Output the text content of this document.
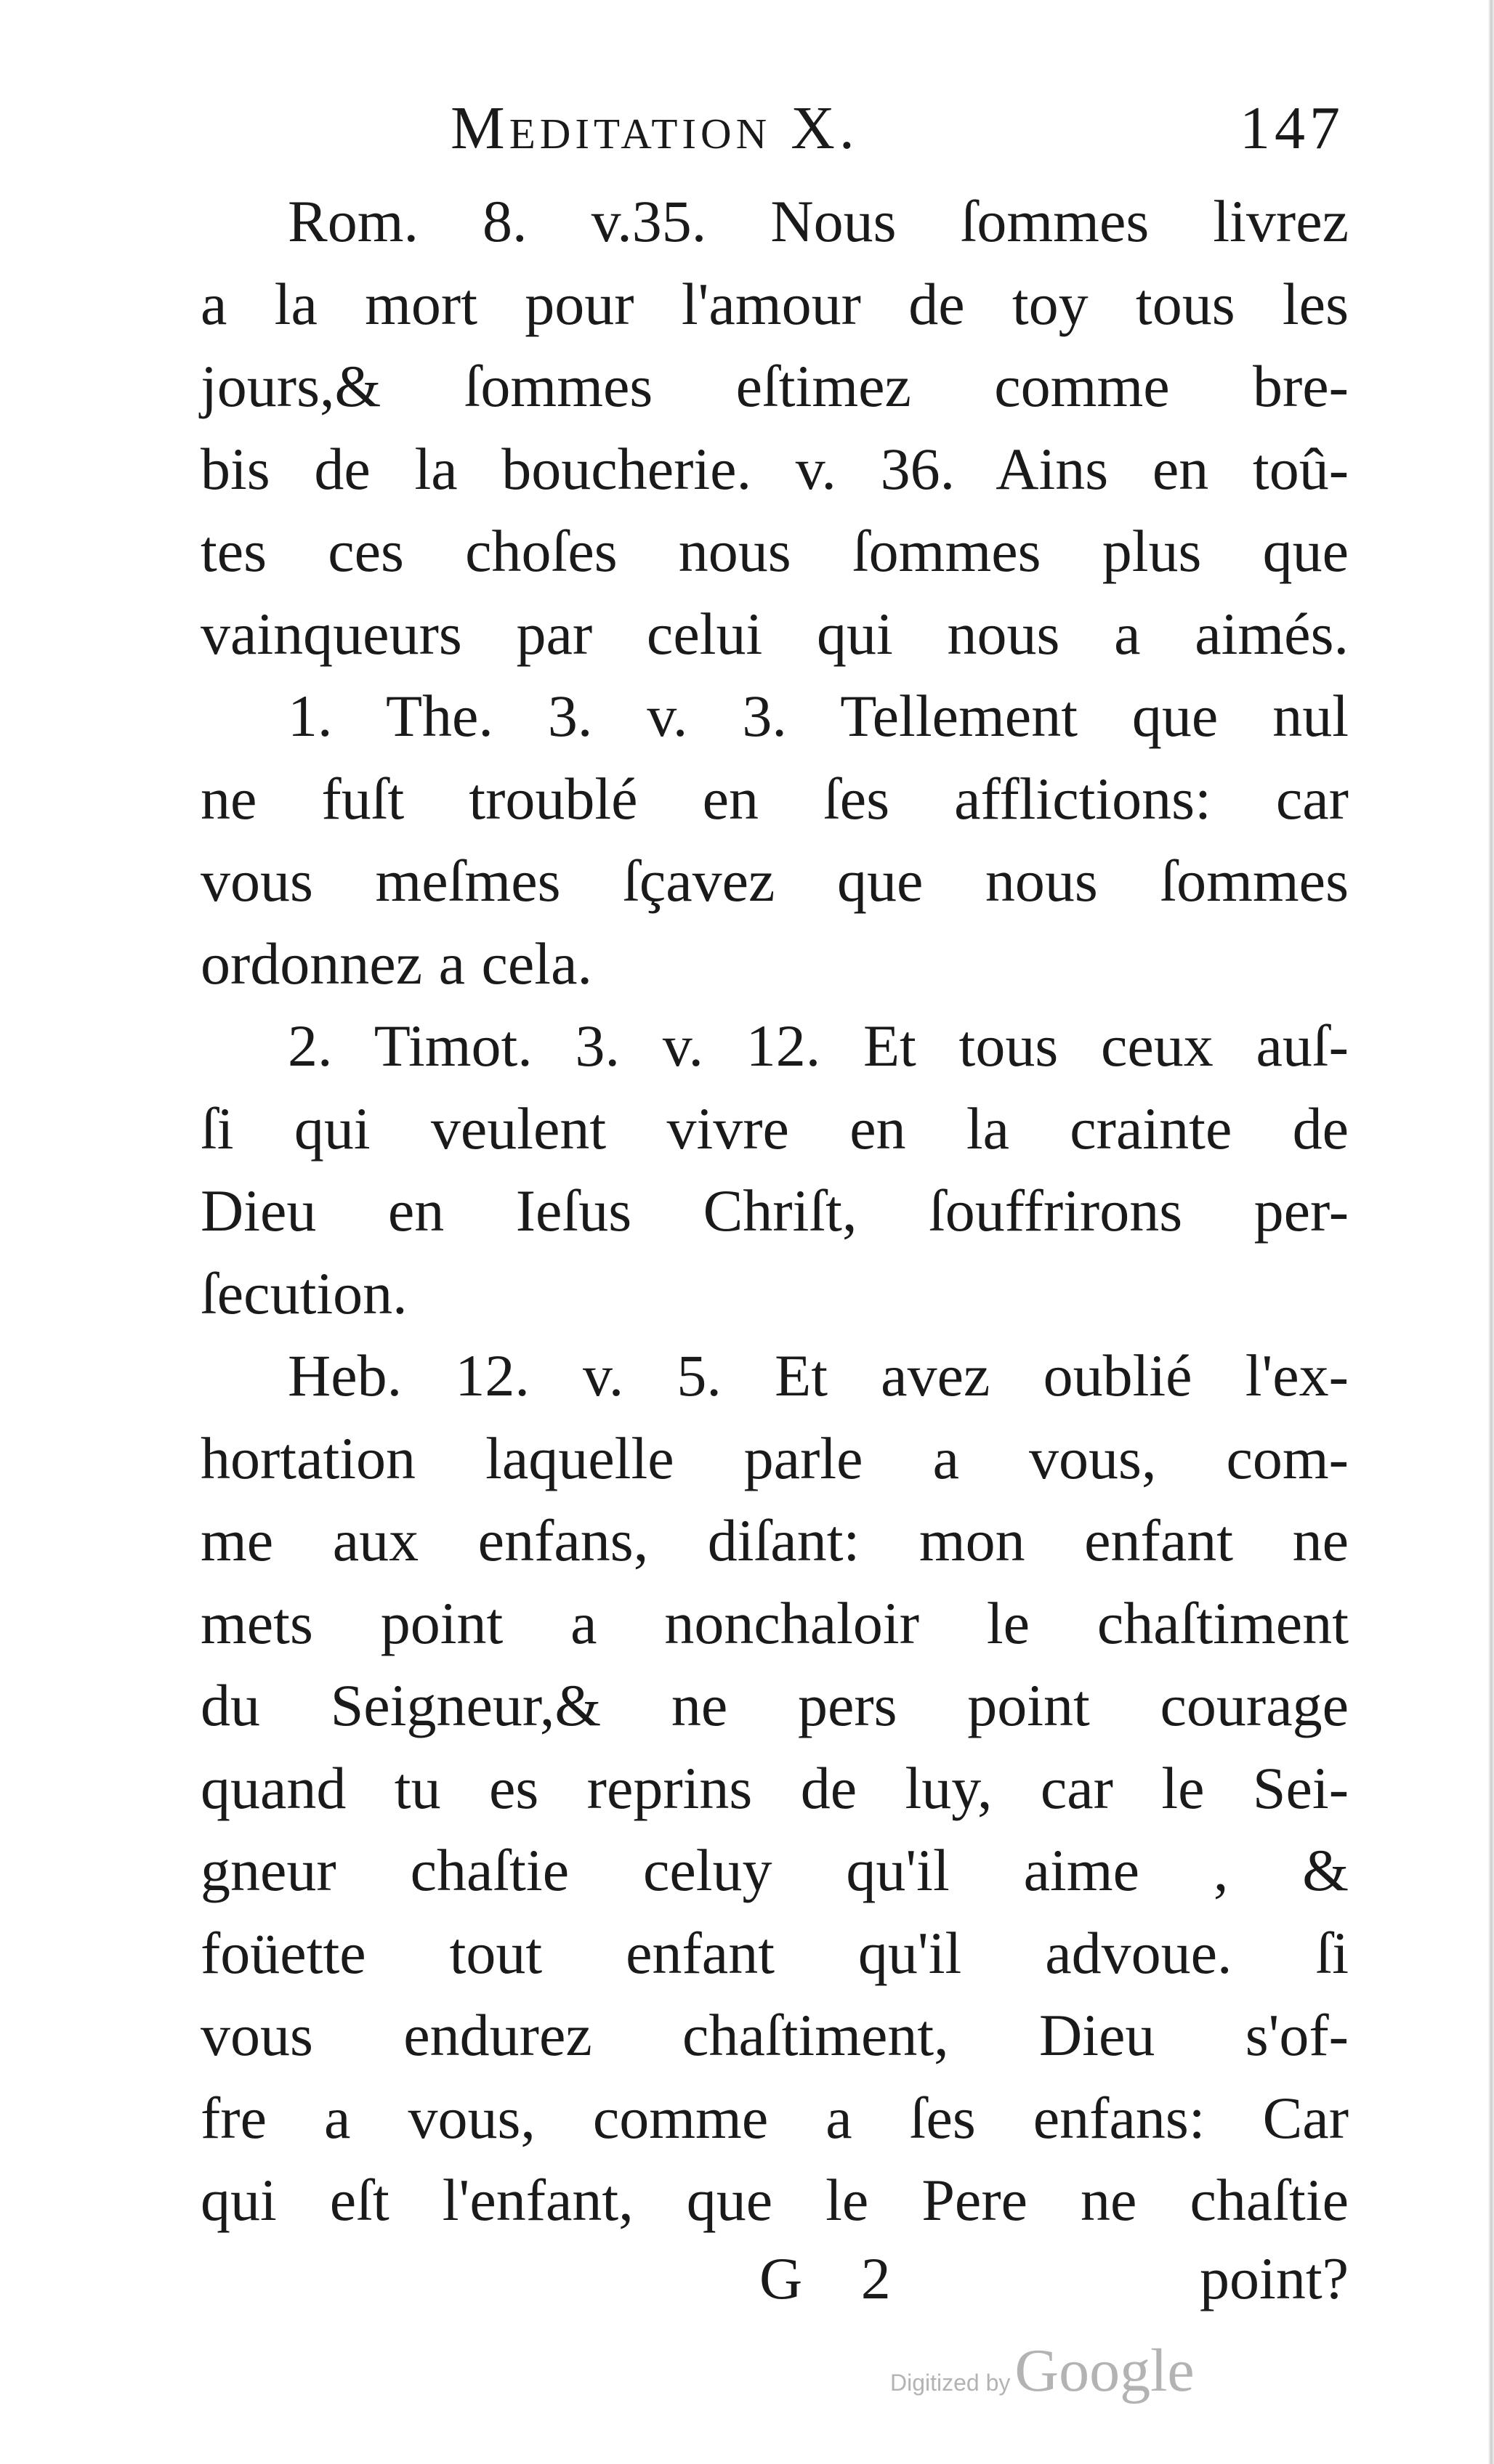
Meditation X.	147
Rom. 8. v.35. Nous ſommes livrez
a la mort pour l'amour de toy tous les
jours,& ſommes eſtimez comme bre-
bis de la boucherie. v. 36. Ains en toû-
tes ces choſes nous ſommes plus que
vainqueurs par celui qui nous a aimés.
1. The. 3. v. 3. Tellement que nul
ne fuſt troublé en ſes afflictions: car
vous meſmes ſçavez que nous ſommes
ordonnez a cela.
2. Timot. 3. v. 12. Et tous ceux auſ-
ſi qui veulent vivre en la crainte de
Dieu en Ieſus Chriſt, ſouffrirons per-
ſecution.
Heb. 12. v. 5. Et avez oublié l'ex-
hortation laquelle parle a vous, com-
me aux enfans, diſant: mon enfant ne
mets point a nonchaloir le chaſtiment
du Seigneur,& ne pers point courage
quand tu es reprins de luy, car le Sei-
gneur chaſtie celuy qu'il aime , &
foüette tout enfant qu'il advoue. ſi
vous endurez chaſtiment, Dieu s'of-
fre a vous, comme a ſes enfans: Car
qui eſt l'enfant, que le Pere ne chaſtie
G 2	point?
Digitized byGoogle
